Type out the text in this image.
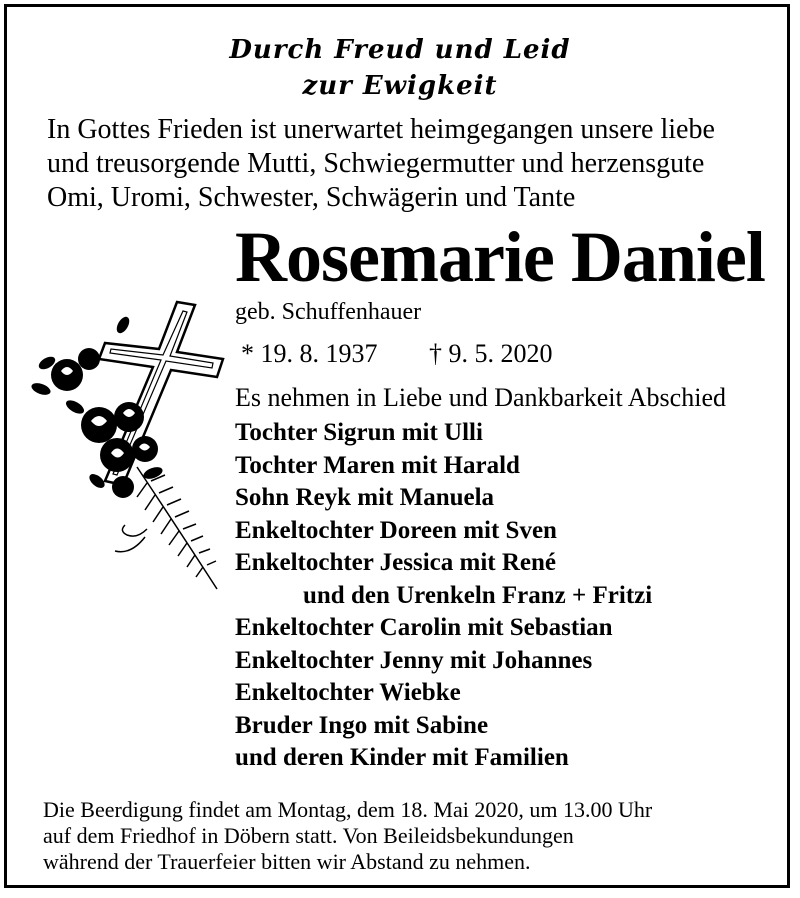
Durch Freud und Leid
zur Ewigkeit
In Gottes Frieden ist unerwartet heimgegangen unsere liebe
und treusorgende Mutti, Schwiegermutter und herzensgute
Omi, Uromi, Schwester, Schwägerin und Tante
Rosemarie Daniel
geb. Schuffenhauer
* 19. 8. 1937 † 9. 5. 2020
Es nehmen in Liebe und Dankbarkeit Abschied
Tochter Sigrun mit Ulli
Tochter Maren mit Harald
Sohn Reyk mit Manuela
Enkeltochter Doreen mit Sven
Enkeltochter Jessica mit René
und den Urenkeln Franz + Fritzi
Enkeltochter Carolin mit Sebastian
Enkeltochter Jenny mit Johannes
Enkeltochter Wiebke
Bruder Ingo mit Sabine
und deren Kinder mit Familien
Die Beerdigung findet am Montag, dem 18. Mai 2020, um 13.00 Uhr
auf dem Friedhof in Döbern statt. Von Beileidsbekundungen
während der Trauerfeier bitten wir Abstand zu nehmen.
